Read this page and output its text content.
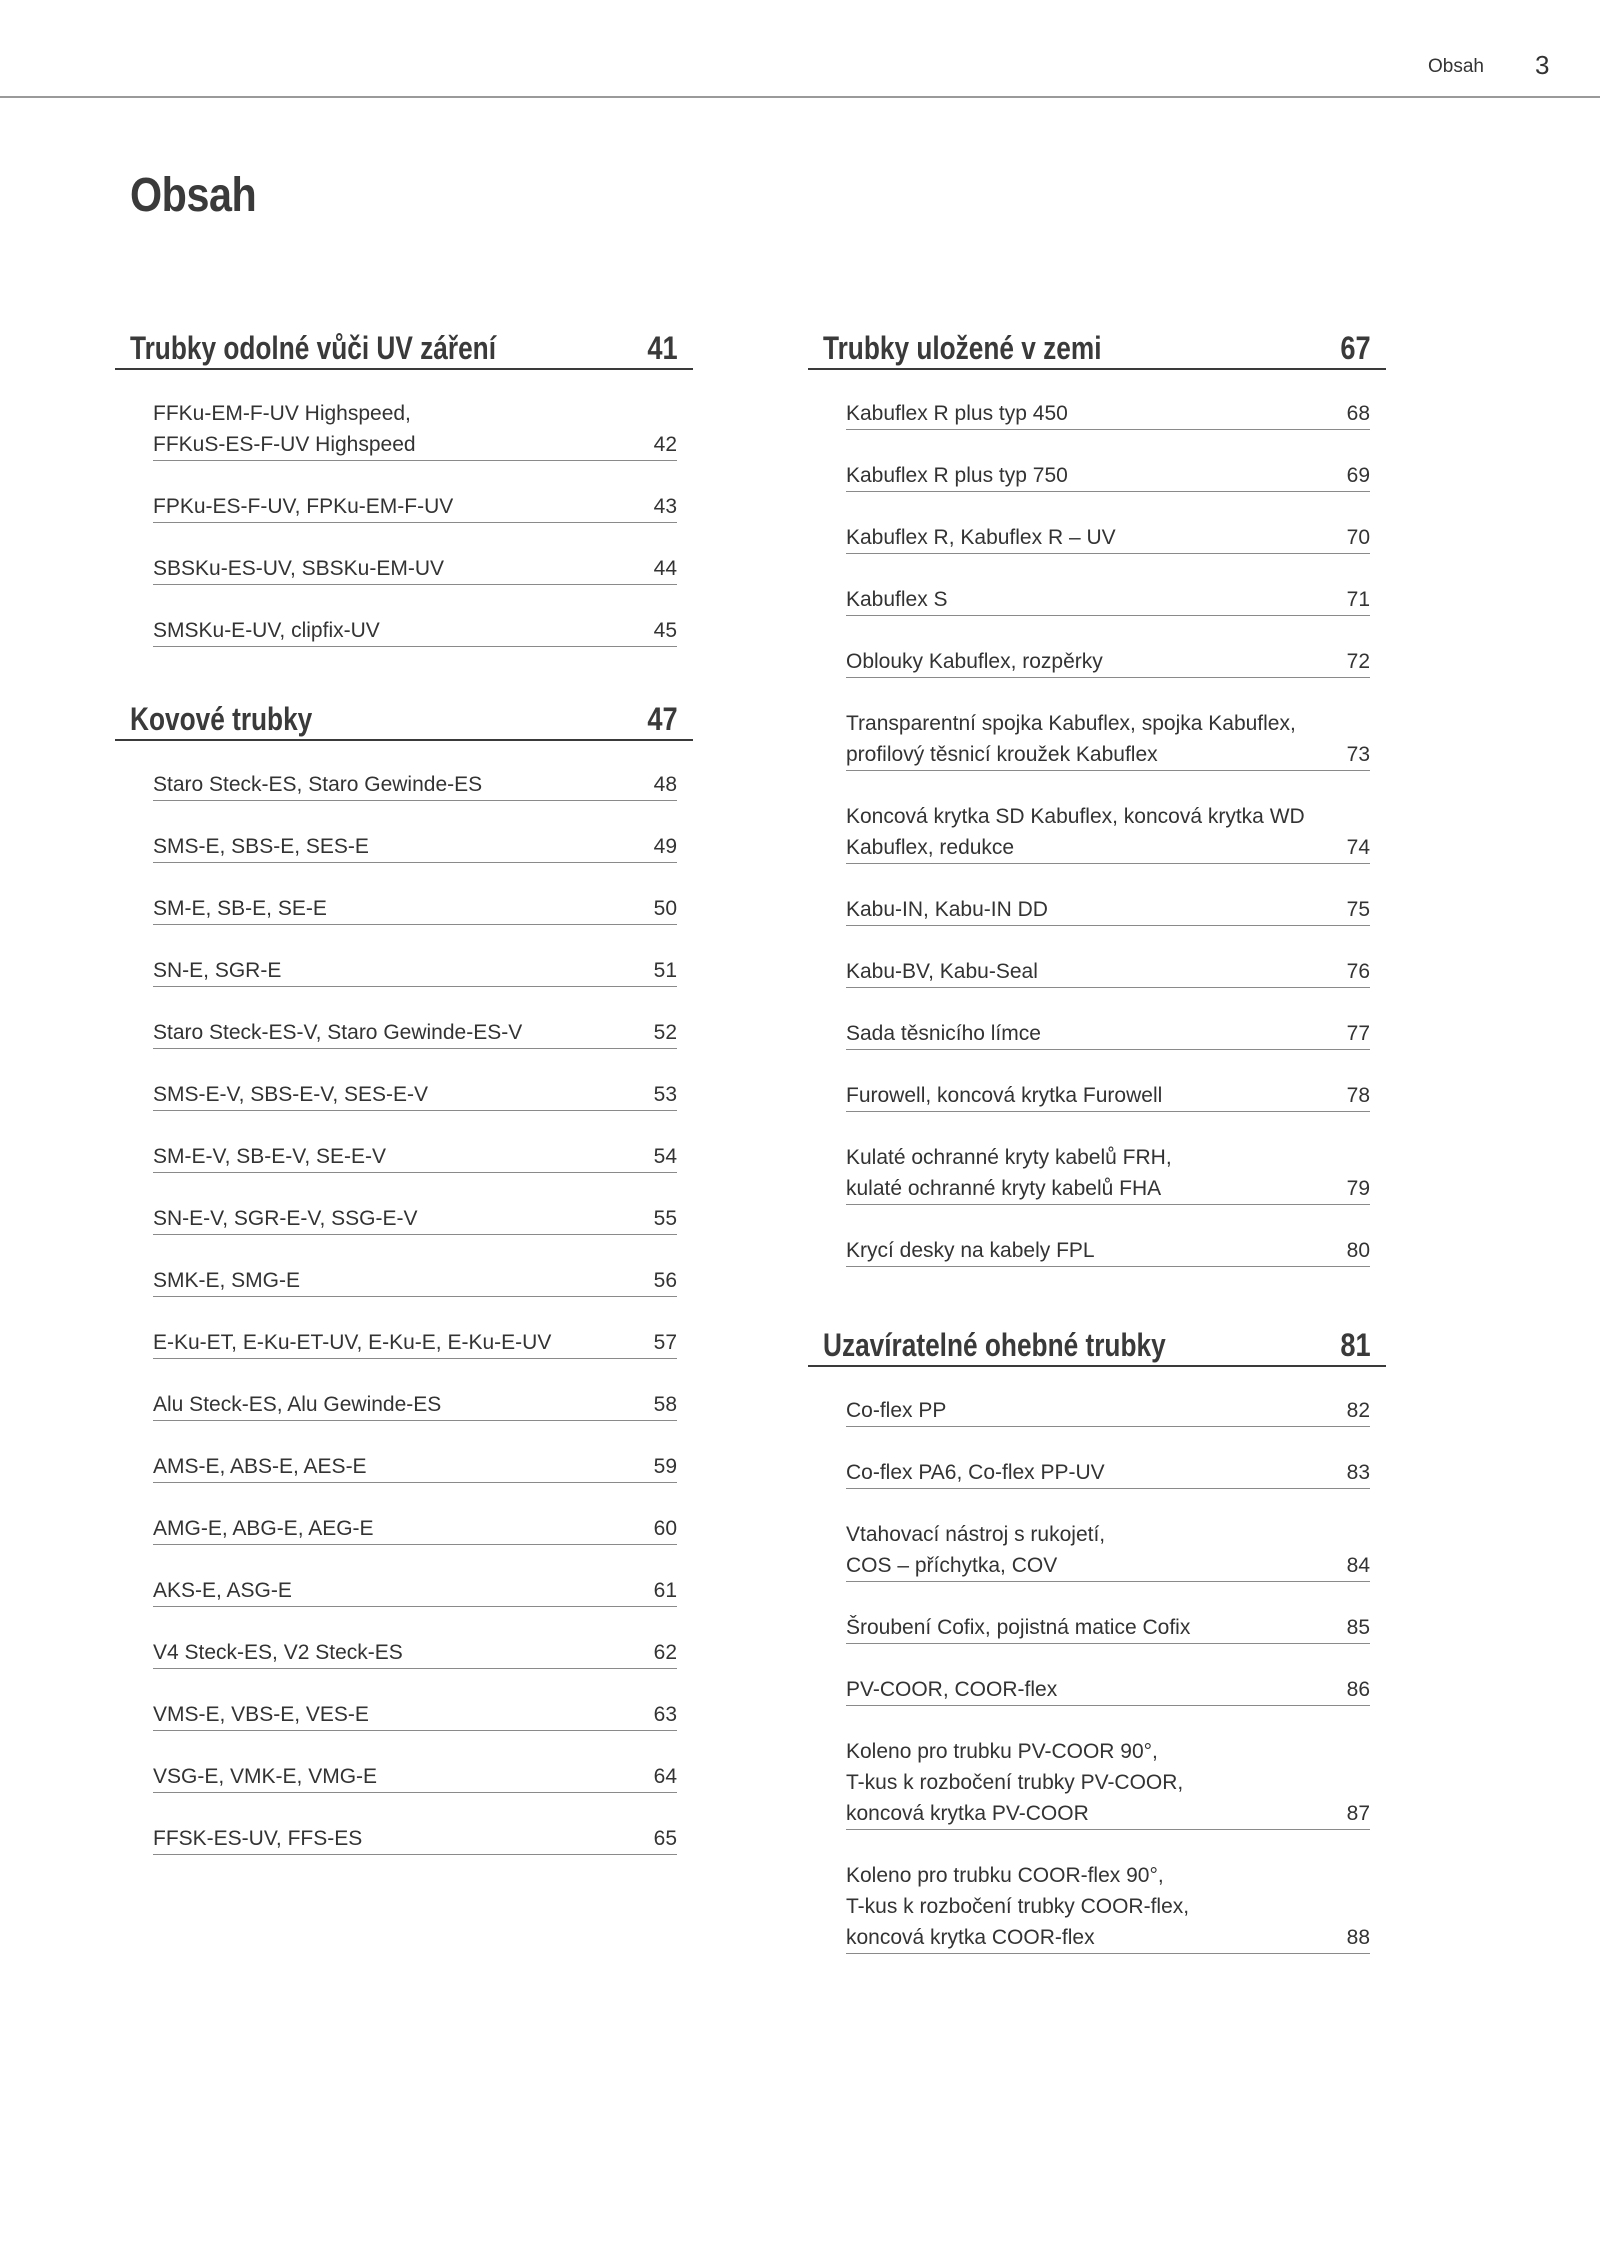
Obsah 3
Obsah
Trubky odolné vůči UV záření	41
FFKu-EM-F-UV Highspeed,
FFKuS-ES-F-UV Highspeed	42
FPKu-ES-F-UV, FPKu-EM-F-UV	43
SBSKu-ES-UV, SBSKu-EM-UV	44
SMSKu-E-UV, clipfix-UV	45
Kovové trubky	47
Staro Steck-ES, Staro Gewinde-ES	48
SMS-E, SBS-E, SES-E	49
SM-E, SB-E, SE-E	50
SN-E, SGR-E	51
Staro Steck-ES-V, Staro Gewinde-ES-V	52
SMS-E-V, SBS-E-V, SES-E-V	53
SM-E-V, SB-E-V, SE-E-V	54
SN-E-V, SGR-E-V, SSG-E-V	55
SMK-E, SMG-E	56
E-Ku-ET, E-Ku-ET-UV, E-Ku-E, E-Ku-E-UV	57
Alu Steck-ES, Alu Gewinde-ES	58
AMS-E, ABS-E, AES-E	59
AMG-E, ABG-E, AEG-E	60
AKS-E, ASG-E	61
V4 Steck-ES, V2 Steck-ES	62
VMS-E, VBS-E, VES-E	63
VSG-E, VMK-E, VMG-E	64
FFSK-ES-UV, FFS-ES	65
Trubky uložené v zemi	67
Kabuflex R plus typ 450	68
Kabuflex R plus typ 750	69
Kabuflex R, Kabuflex R – UV	70
Kabuflex S	71
Oblouky Kabuflex, rozpěrky	72
Transparentní spojka Kabuflex, spojka Kabuflex,
profilový těsnicí kroužek Kabuflex	73
Koncová krytka SD Kabuflex, koncová krytka WD
Kabuflex, redukce	74
Kabu-IN, Kabu-IN DD	75
Kabu-BV, Kabu-Seal	76
Sada těsnicího límce	77
Furowell, koncová krytka Furowell	78
Kulaté ochranné kryty kabelů FRH,
kulaté ochranné kryty kabelů FHA	79
Krycí desky na kabely FPL	80
Uzavíratelné ohebné trubky	81
Co-flex PP	82
Co-flex PA6, Co-flex PP-UV	83
Vtahovací nástroj s rukojetí,
COS – příchytka, COV	84
Šroubení Cofix, pojistná matice Cofix	85
PV-COOR, COOR-flex	86
Koleno pro trubku PV-COOR 90°,
T-kus k rozbočení trubky PV-COOR,
koncová krytka PV-COOR	87
Koleno pro trubku COOR-flex 90°,
T-kus k rozbočení trubky COOR-flex,
koncová krytka COOR-flex	88
